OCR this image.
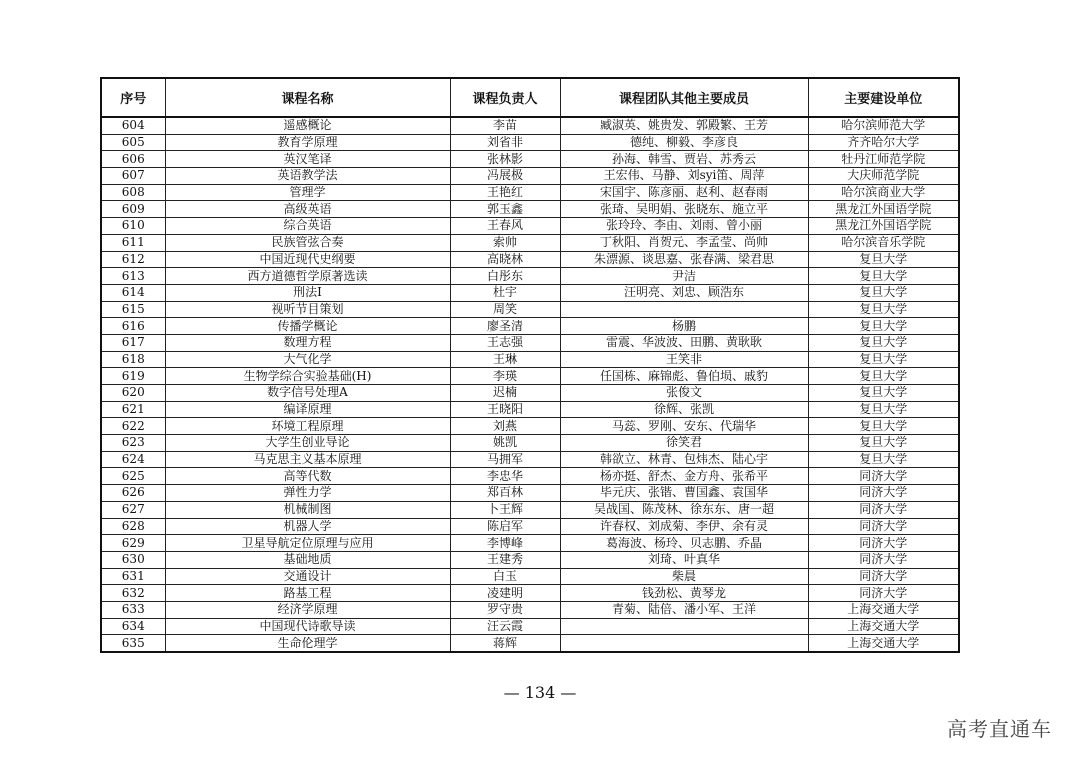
序号	课程名称	课程负责人	课程团队其他主要成员	主要建设单位
604	遥感概论	李苗	臧淑英、姚贵发、郭殿繁、王芳	哈尔滨师范大学
605	教育学原理	刘省非	德纯、柳毅、李彦良	齐齐哈尔大学
606	英汉笔译	张林影	孙海、韩雪、贾岩、苏秀云	牡丹江师范学院
607	英语教学法	冯展极	王宏伟、马静、刘syi笛、周萍	大庆师范学院
608	管理学	王艳红	宋国宇、陈彦丽、赵利、赵春雨	哈尔滨商业大学
609	高级英语	郭玉鑫	张琦、吴明娟、张晓东、施立平	黑龙江外国语学院
610	综合英语	王春风	张玲玲、李由、刘雨、曾小丽	黑龙江外国语学院
611	民族管弦合奏	索帅	丁秋阳、肖贺元、李孟莹、尚帅	哈尔滨音乐学院
612	中国近现代史纲要	高晓林	朱漂源、谈思嘉、张春满、梁君思	复旦大学
613	西方道德哲学原著选读	白彤东	尹洁	复旦大学
614	刑法Ⅰ	杜宇	汪明亮、刘忠、顾浩东	复旦大学
615	视听节目策划	周笑		复旦大学
616	传播学概论	廖圣清	杨鹏	复旦大学
617	数理方程	王志强	雷震、华波波、田鹏、黄耿耿	复旦大学
618	大气化学	王琳	王笑非	复旦大学
619	生物学综合实验基础(H)	李瑛	任国栋、麻锦彪、鲁伯埙、戚豹	复旦大学
620	数字信号处理A	迟楠	张俊文	复旦大学
621	编译原理	王晓阳	徐辉、张凯	复旦大学
622	环境工程原理	刘燕	马蕊、罗刚、安东、代瑞华	复旦大学
623	大学生创业导论	姚凯	徐笑君	复旦大学
624	马克思主义基本原理	马拥军	韩欲立、林青、包炜杰、陆心宇	复旦大学
625	高等代数	李忠华	杨亦挺、舒杰、金方舟、张希平	同济大学
626	弹性力学	郑百林	毕元庆、张锴、曹国鑫、袁国华	同济大学
627	机械制图	卜王辉	吴战国、陈茂林、徐东东、唐一超	同济大学
628	机器人学	陈启军	许春权、刘成菊、李伊、余有灵	同济大学
629	卫星导航定位原理与应用	李博峰	葛海波、杨玲、贝志鹏、乔晶	同济大学
630	基础地质	王建秀	刘琦、叶真华	同济大学
631	交通设计	白玉	柴晨	同济大学
632	路基工程	凌建明	钱劲松、黄琴龙	同济大学
633	经济学原理	罗守贵	青菊、陆倍、潘小军、王洋	上海交通大学
634	中国现代诗歌导读	汪云霞		上海交通大学
635	生命伦理学	蒋辉		上海交通大学
— 134 —
高考直通车
